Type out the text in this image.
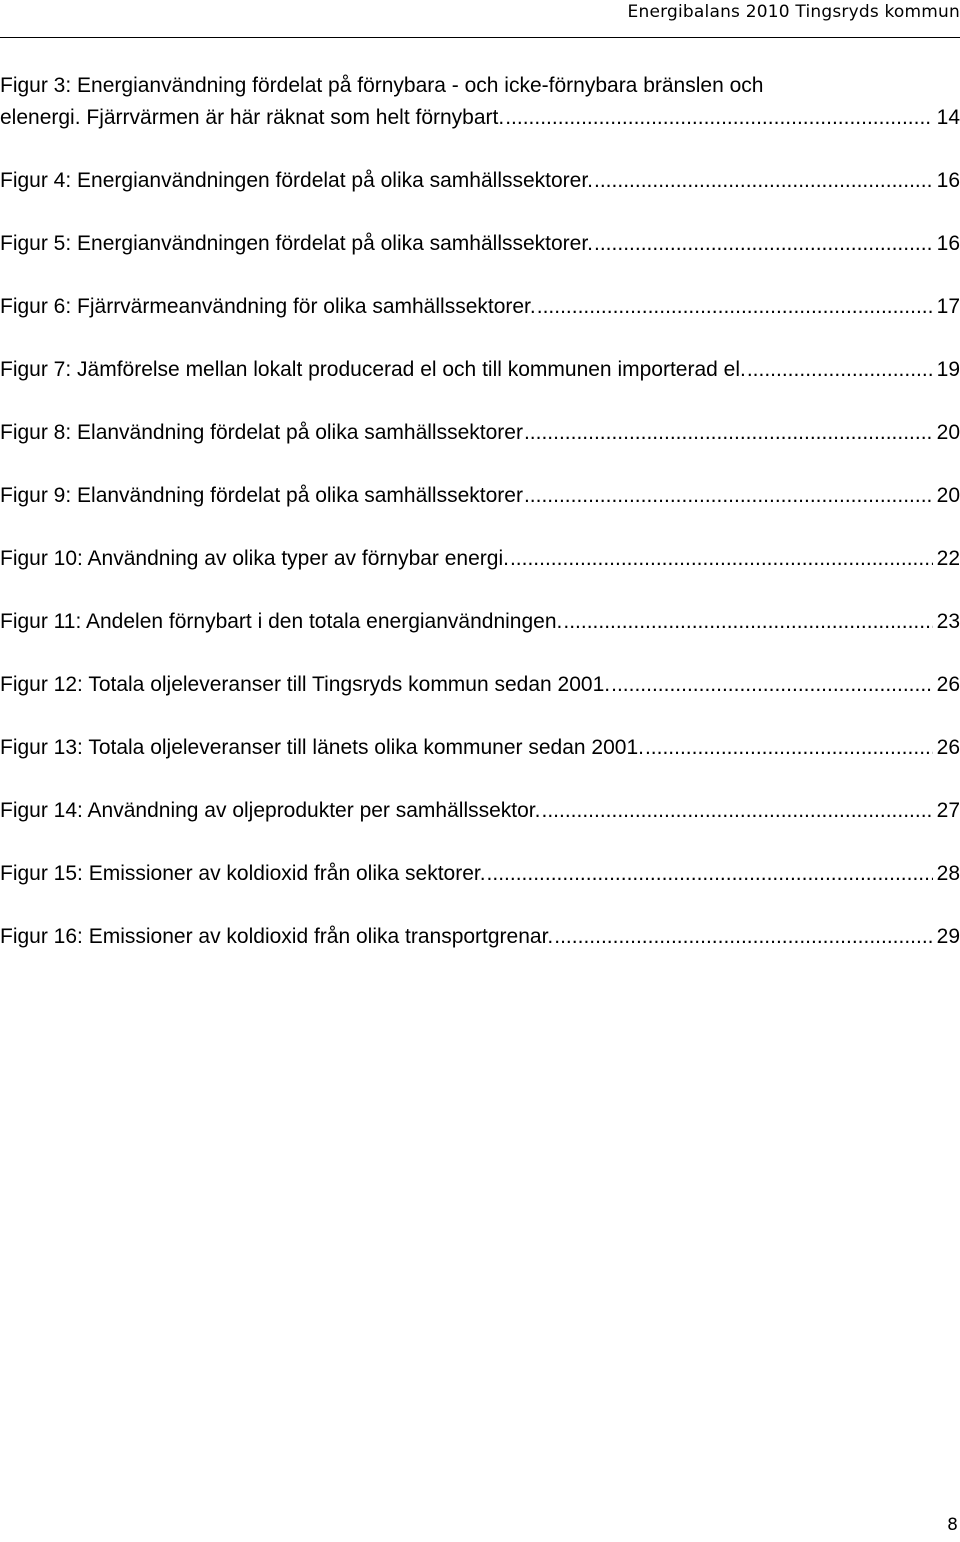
Energibalans 2010 Tingsryds kommun
Figur 3: Energianvändning fördelat på förnybara - och icke-förnybara bränslen och
elenergi. Fjärrvärmen är här räknat som helt förnybart. .....	14
Figur 4: Energianvändningen fördelat på olika samhällssektorer. .....	16
Figur 5: Energianvändningen fördelat på olika samhällssektorer. .....	16
Figur 6: Fjärrvärmeanvändning för olika samhällssektorer. .....	17
Figur 7: Jämförelse mellan lokalt producerad el och till kommunen importerad el. .....	19
Figur 8: Elanvändning fördelat på olika samhällssektorer .....	20
Figur 9: Elanvändning fördelat på olika samhällssektorer .....	20
Figur 10: Användning av olika typer av förnybar energi. .....	22
Figur 11: Andelen förnybart i den totala energianvändningen. .....	23
Figur 12: Totala oljeleveranser till Tingsryds kommun sedan 2001. .....	26
Figur 13: Totala oljeleveranser till länets olika kommuner sedan 2001. .....	26
Figur 14: Användning av oljeprodukter per samhällssektor. .....	27
Figur 15: Emissioner av koldioxid från olika sektorer. .....	28
Figur 16: Emissioner av koldioxid från olika transportgrenar. .....	29
8
